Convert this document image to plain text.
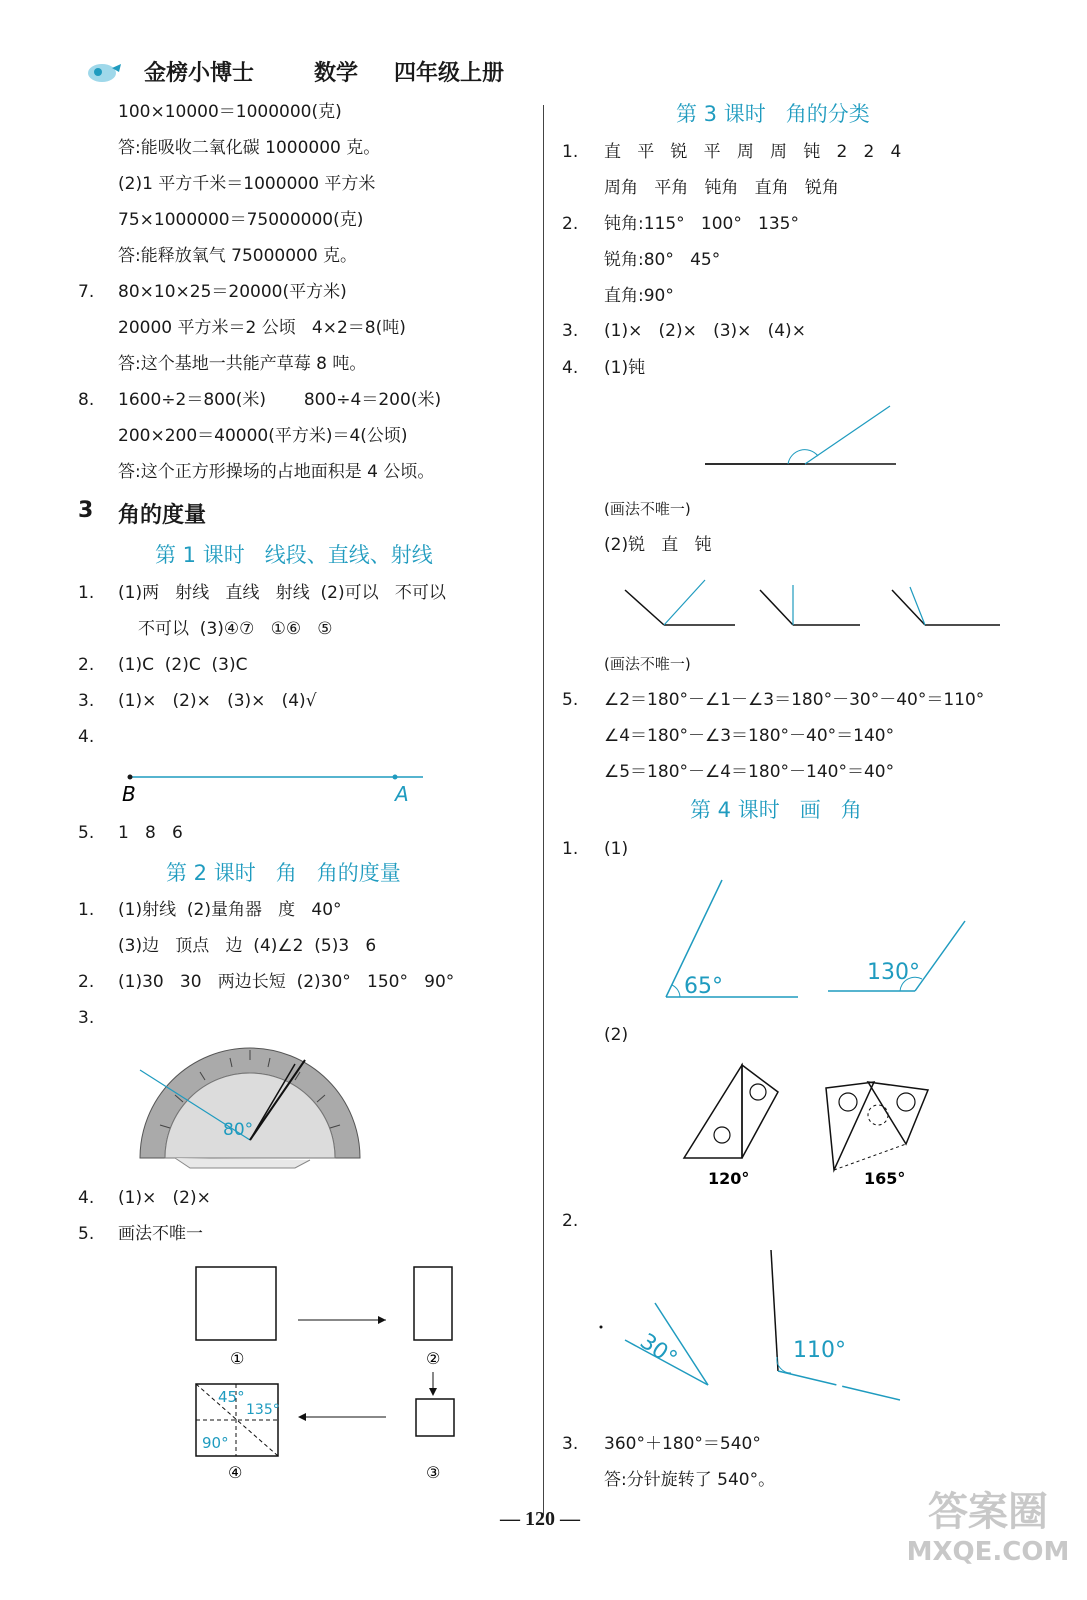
金榜小博士	数学 四年级上册
100×10000＝1000000(克)
答:能吸收二氧化碳 1000000 克。
(2)1 平方千米＝1000000 平方米
75×1000000＝75000000(克)
答:能释放氧气 75000000 克。
7. 80×10×25＝20000(平方米)
20000 平方米＝2 公顷   4×2＝8(吨)
答:这个基地一共能产草莓 8 吨。
8. 1600÷2＝800(米)       800÷4＝200(米)
200×200＝40000(平方米)＝4(公顷)
答:这个正方形操场的占地面积是 4 公顷。
3 角的度量
第 1 课时   线段、直线、射线
1. (1)两   射线   直线   射线  (2)可以   不可以
不可以  (3)④⑦   ①⑥   ⑤
2. (1)C  (2)C  (3)C
3. (1)×   (2)×   (3)×   (4)√
4.
B	A
5. 1   8   6
第 2 课时   角   角的度量
1. (1)射线  (2)量角器   度   40°
(3)边   顶点   边  (4)∠2  (5)3   6
2. (1)30   30   两边长短  (2)30°   150°   90°
3.
80°
4. (1)×   (2)×
5. 画法不唯一
①	②
45°
135°
90°
④	③
第 3 课时   角的分类
1. 直   平   锐   平   周   周   钝   2   2   4
周角   平角   钝角   直角   锐角
2. 钝角:115°   100°   135°
锐角:80°   45°
直角:90°
3. (1)×   (2)×   (3)×   (4)×
4. (1)钝
(画法不唯一)
(2)锐   直   钝
(画法不唯一)
5. ∠2＝180°－∠1－∠3＝180°－30°－40°＝110°
∠4＝180°－∠3＝180°－40°＝140°
∠5＝180°－∠4＝180°－140°＝40°
第 4 课时   画   角
1. (1)
65°
130°
(2)
120°	165°
2.
30°	110°
3. 360°＋180°＝540°
答:分针旋转了 540°。
— 120 —	答案圈
MXQE.COM
